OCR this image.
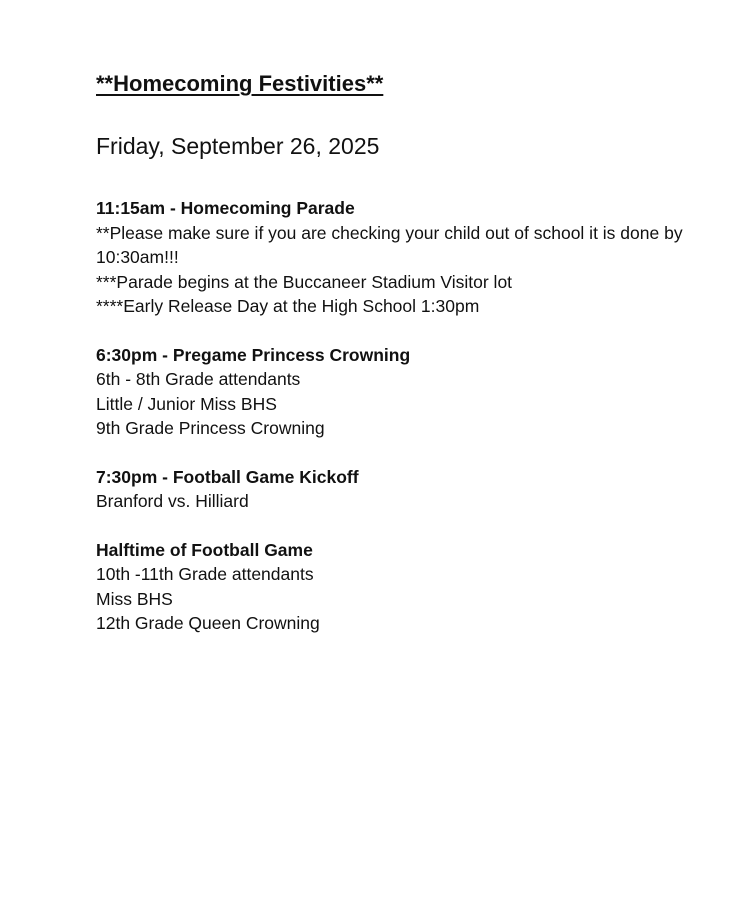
**Homecoming Festivities**
Friday, September 26, 2025

11:15am - Homecoming Parade

**Please make sure if you are checking your child out of school it is done by 10:30am!!!

***Parade begins at the Buccaneer Stadium Visitor lot

****Early Release Day at the High School 1:30pm

6:30pm - Pregame Princess Crowning

6th - 8th Grade attendants

Little / Junior Miss BHS

9th Grade Princess Crowning

7:30pm - Football Game Kickoff

Branford vs. Hilliard

Halftime of Football Game

10th -11th Grade attendants

Miss BHS

12th Grade Queen Crowning
